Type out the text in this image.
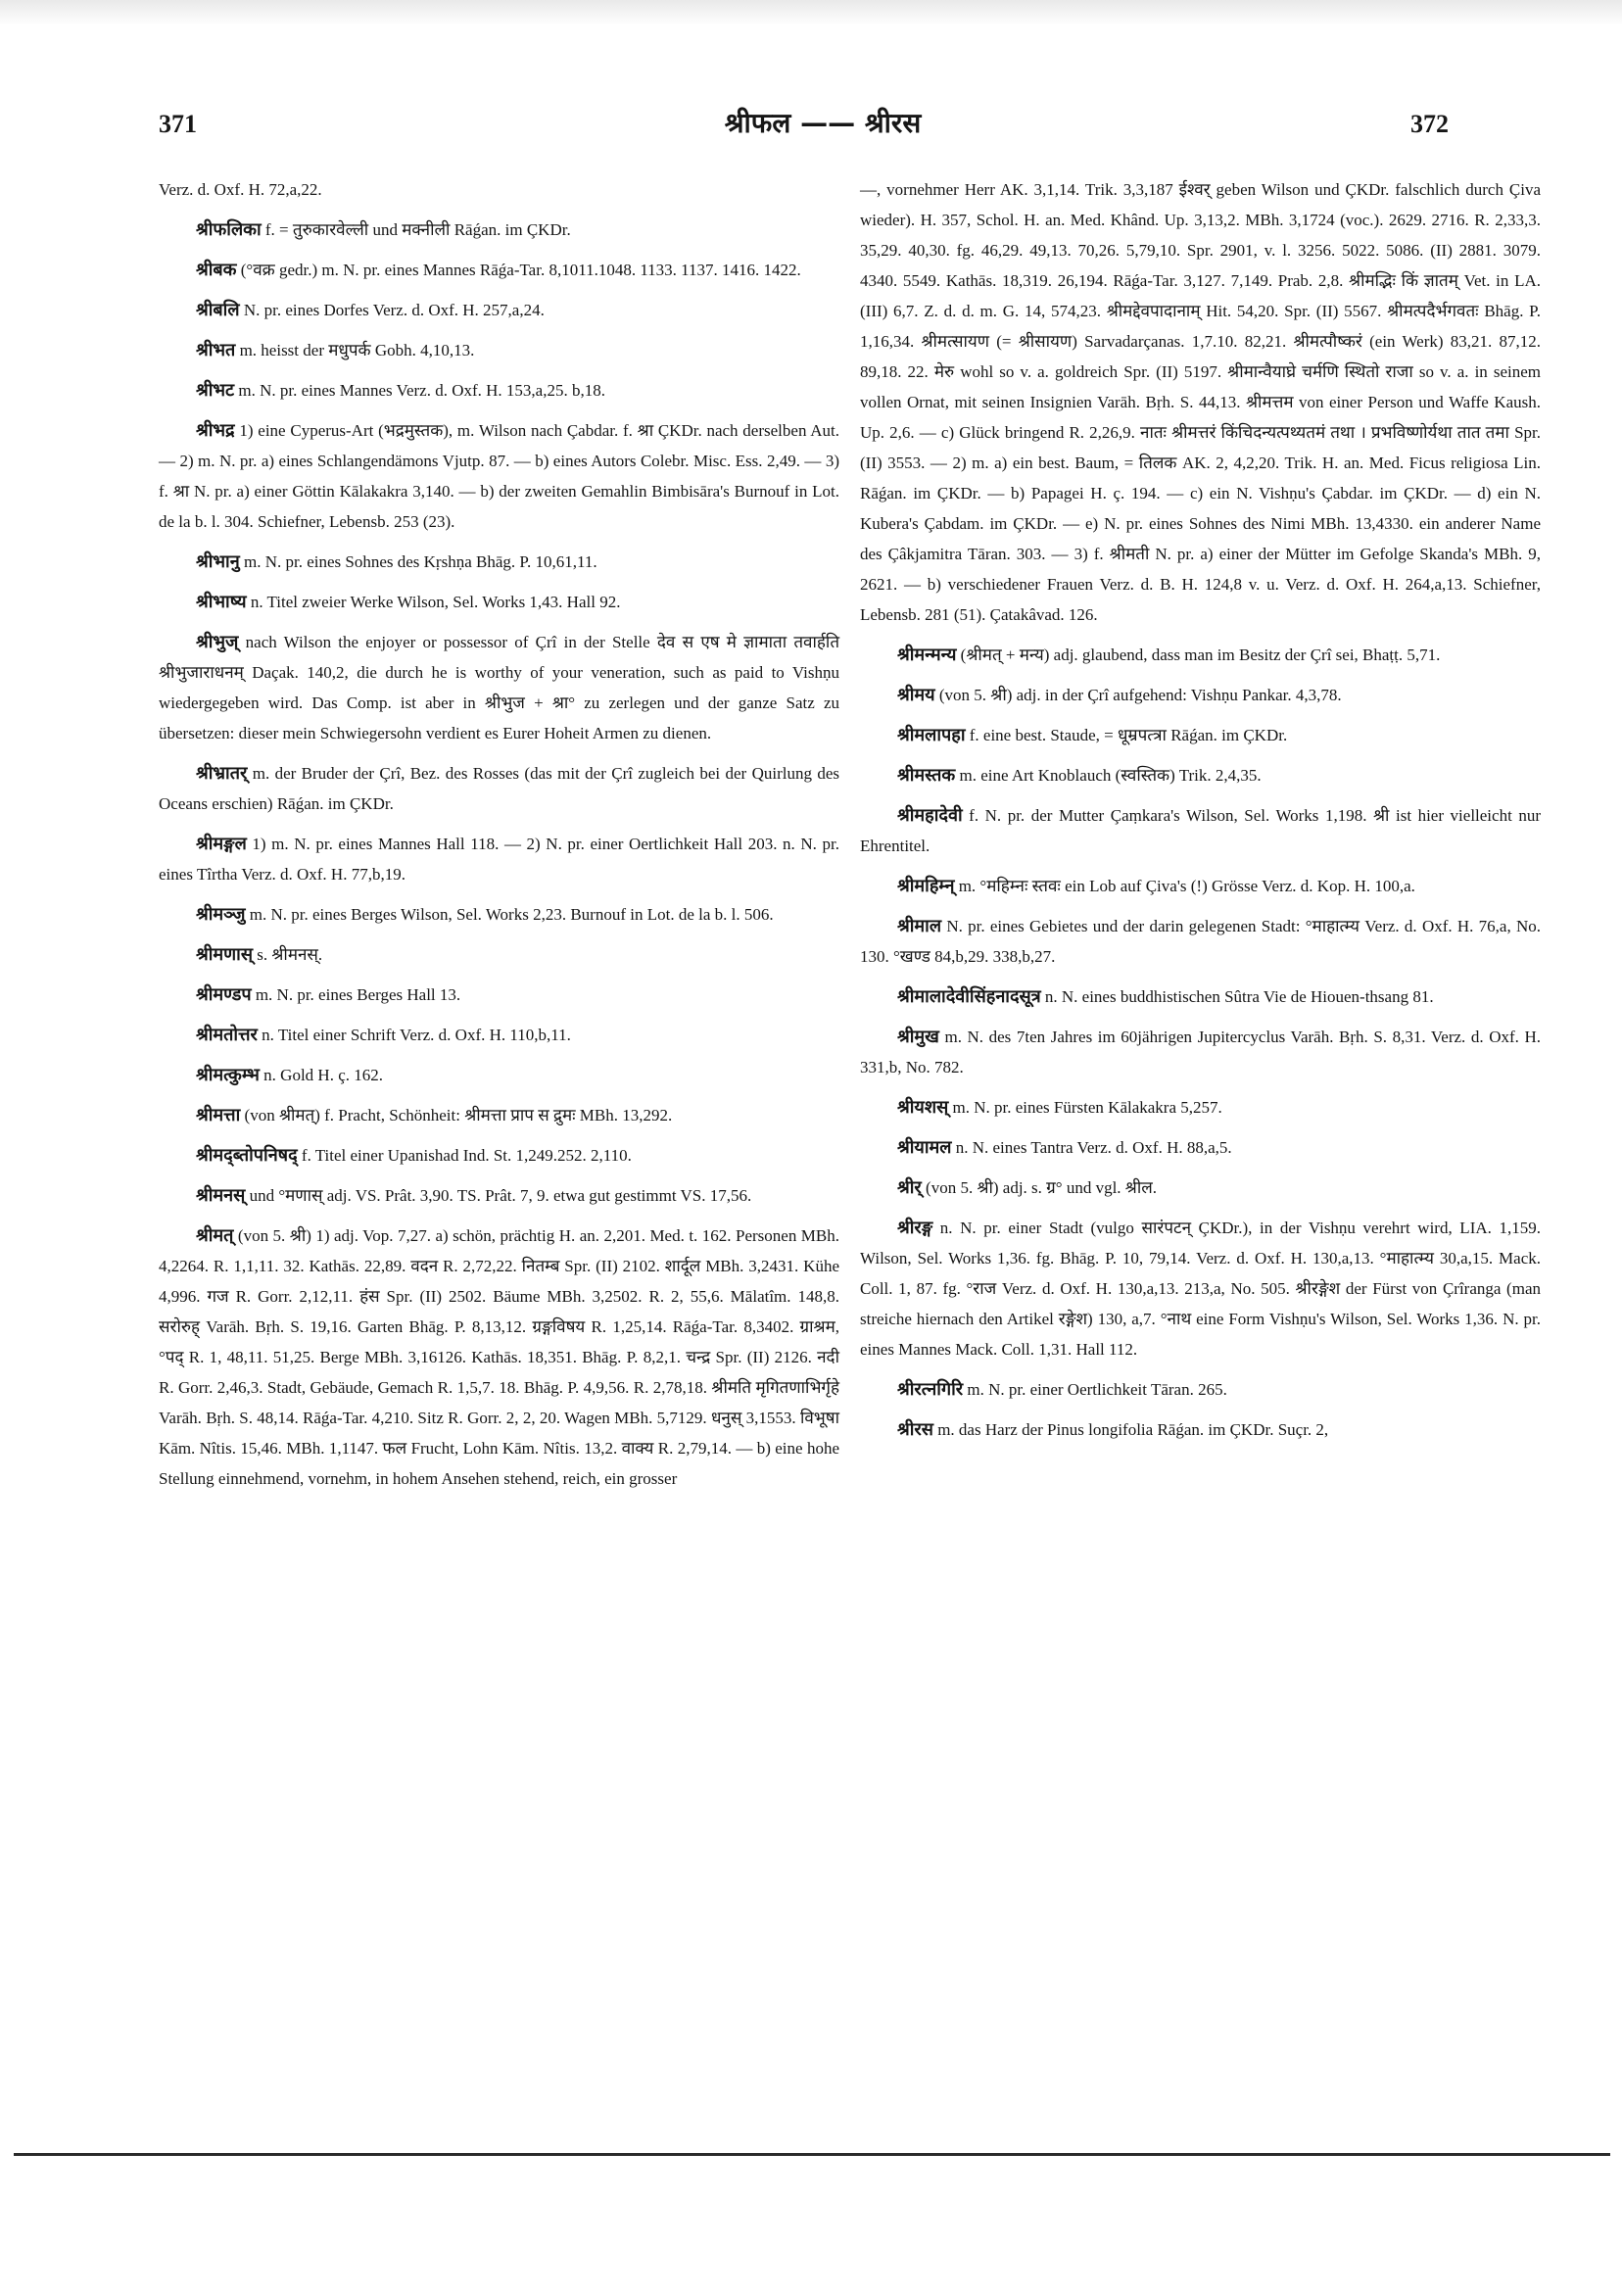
371	श्रीफल —— श्रीरस	372

Verz. d. Oxf. H. 72,a,22.

श्रीफलिका f. = तुरुकारवेल्ली und मक्नीली Rāǵan. im ÇKDr.

श्रीबक (°वक्र gedr.) m. N. pr. eines Mannes Rāǵa-Tar. 8,1011.1048. 1133. 1137. 1416. 1422.

श्रीबलि N. pr. eines Dorfes Verz. d. Oxf. H. 257,a,24.

श्रीभत m. heisst der मधुपर्क Gobh. 4,10,13.

श्रीभट m. N. pr. eines Mannes Verz. d. Oxf. H. 153,a,25. b,18.

श्रीभद्र 1) eine Cyperus-Art (भद्रमुस्तक), m. Wilson nach Çabdar. f. श्रा ÇKDr. nach derselben Aut. — 2) m. N. pr. a) eines Schlangendämons Vjutp. 87. — b) eines Autors Colebr. Misc. Ess. 2,49. — 3) f. श्रा N. pr. a) einer Göttin Kālakakra 3,140. — b) der zweiten Gemahlin Bimbisāra's Burnouf in Lot. de la b. l. 304. Schiefner, Lebensb. 253 (23).

श्रीभानु m. N. pr. eines Sohnes des Kṛshṇa Bhāg. P. 10,61,11.

श्रीभाष्य n. Titel zweier Werke Wilson, Sel. Works 1,43. Hall 92.

श्रीभुज् nach Wilson the enjoyer or possessor of Çrî in der Stelle देव स एष मे ज्ञामाता तवार्हति श्रीभुजाराधनम् Daçak. 140,2, die durch he is worthy of your veneration, such as paid to Vishṇu wiedergegeben wird. Das Comp. ist aber in श्रीभुज + श्रा° zu zerlegen und der ganze Satz zu übersetzen: dieser mein Schwiegersohn verdient es Eurer Hoheit Armen zu dienen.

श्रीभ्रातर् m. der Bruder der Çrî, Bez. des Rosses (das mit der Çrî zugleich bei der Quirlung des Oceans erschien) Rāǵan. im ÇKDr.

श्रीमङ्गल 1) m. N. pr. eines Mannes Hall 118. — 2) N. pr. einer Oertlichkeit Hall 203. n. N. pr. eines Tîrtha Verz. d. Oxf. H. 77,b,19.

श्रीमञ्जु m. N. pr. eines Berges Wilson, Sel. Works 2,23. Burnouf in Lot. de la b. l. 506.

श्रीमणास् s. श्रीमनस्.

श्रीमण्डप m. N. pr. eines Berges Hall 13.

श्रीमतोत्तर n. Titel einer Schrift Verz. d. Oxf. H. 110,b,11.

श्रीमत्कुम्भ n. Gold H. ç. 162.

श्रीमत्ता (von श्रीमत्) f. Pracht, Schönheit: श्रीमत्ता प्राप स द्रुमः MBh. 13,292.

श्रीमद्ब्तोपनिषद् f. Titel einer Upanishad Ind. St. 1,249.252. 2,110.

श्रीमनस् und °मणास् adj. VS. Prât. 3,90. TS. Prât. 7, 9. etwa gut gestimmt VS. 17,56.

श्रीमत् (von 5. श्री) 1) adj. Vop. 7,27. a) schön, prächtig H. an. 2,201. Med. t. 162. Personen MBh. 4,2264. R. 1,1,11. 32. Kathās. 22,89. वदन R. 2,72,22. नितम्ब Spr. (II) 2102. शार्दूल MBh. 3,2431. Kühe 4,996. गज R. Gorr. 2,12,11. हंस Spr. (II) 2502. Bäume MBh. 3,2502. R. 2, 55,6. Mālatîm. 148,8. सरोरुह् Varāh. Bṛh. S. 19,16. Garten Bhāg. P. 8,13,12. ग्रङ्गविषय R. 1,25,14. Rāǵa-Tar. 8,3402. ग्राश्रम, °पद् R. 1, 48,11. 51,25. Berge MBh. 3,16126. Kathās. 18,351. Bhāg. P. 8,2,1. चन्द्र Spr. (II) 2126. नदी R. Gorr. 2,46,3. Stadt, Gebäude, Gemach R. 1,5,7. 18. Bhāg. P. 4,9,56. R. 2,78,18. श्रीमति मृगितणाभिर्गृहे Varāh. Bṛh. S. 48,14. Rāǵa-Tar. 4,210. Sitz R. Gorr. 2, 2, 20. Wagen MBh. 5,7129. धनुस् 3,1553. विभूषा Kām. Nîtis. 15,46. MBh. 1,1147. फल Frucht, Lohn Kām. Nîtis. 13,2. वाक्य R. 2,79,14. — b) eine hohe Stellung einnehmend, vornehm, in hohem Ansehen stehend, reich, ein grosser

—, vornehmer Herr AK. 3,1,14. Trik. 3,3,187 ईश्वर् geben Wilson und ÇKDr. falschlich durch Çiva wieder). H. 357, Schol. H. an. Med. Khând. Up. 3,13,2. MBh. 3,1724 (voc.). 2629. 2716. R. 2,33,3. 35,29. 40,30. fg. 46,29. 49,13. 70,26. 5,79,10. Spr. 2901, v. l. 3256. 5022. 5086. (II) 2881. 3079. 4340. 5549. Kathās. 18,319. 26,194. Rāǵa-Tar. 3,127. 7,149. Prab. 2,8. श्रीमद्भिः किं ज्ञातम् Vet. in LA. (III) 6,7. Z. d. d. m. G. 14, 574,23. श्रीमद्देवपादानाम् Hit. 54,20. Spr. (II) 5567. श्रीमत्पदैर्भगवतः Bhāg. P. 1,16,34. श्रीमत्सायण (= श्रीसायण) Sarvadarçanas. 1,7.10. 82,21. श्रीमत्पौष्करं (ein Werk) 83,21. 87,12. 89,18. 22. मेरु wohl so v. a. goldreich Spr. (II) 5197. श्रीमान्वैयाघ्रे चर्मणि स्थितो राजा so v. a. in seinem vollen Ornat, mit seinen Insignien Varāh. Bṛh. S. 44,13. श्रीमत्तम von einer Person und Waffe Kaush. Up. 2,6. — c) Glück bringend R. 2,26,9. नातः श्रीमत्तरं किंचिदन्यत्पथ्यतमं तथा । प्रभविष्णोर्यथा तात तमा Spr. (II) 3553. — 2) m. a) ein best. Baum, = तिलक AK. 2, 4,2,20. Trik. H. an. Med. Ficus religiosa Lin. Rāǵan. im ÇKDr. — b) Papagei H. ç. 194. — c) ein N. Vishṇu's Çabdar. im ÇKDr. — d) ein N. Kubera's Çabdam. im ÇKDr. — e) N. pr. eines Sohnes des Nimi MBh. 13,4330. ein anderer Name des Çâkjamitra Tāran. 303. — 3) f. श्रीमती N. pr. a) einer der Mütter im Gefolge Skanda's MBh. 9, 2621. — b) verschiedener Frauen Verz. d. B. H. 124,8 v. u. Verz. d. Oxf. H. 264,a,13. Schiefner, Lebensb. 281 (51). Çatakâvad. 126.

श्रीमन्मन्य (श्रीमत् + मन्य) adj. glaubend, dass man im Besitz der Çrî sei, Bhaṭṭ. 5,71.

श्रीमय (von 5. श्री) adj. in der Çrî aufgehend: Vishṇu Pankar. 4,3,78.

श्रीमलापहा f. eine best. Staude, = धूम्रपत्त्रा Rāǵan. im ÇKDr.

श्रीमस्तक m. eine Art Knoblauch (स्वस्तिक) Trik. 2,4,35.

श्रीमहादेवी f. N. pr. der Mutter Çaṃkara's Wilson, Sel. Works 1,198. श्री ist hier vielleicht nur Ehrentitel.

श्रीमहिम्न् m. °महिम्नः स्तवः ein Lob auf Çiva's (!) Grösse Verz. d. Kop. H. 100,a.

श्रीमाल N. pr. eines Gebietes und der darin gelegenen Stadt: °माहात्म्य Verz. d. Oxf. H. 76,a, No. 130. °खण्ड 84,b,29. 338,b,27.

श्रीमालादेवीसिंहनादसूत्र n. N. eines buddhistischen Sûtra Vie de Hiouen-thsang 81.

श्रीमुख m. N. des 7ten Jahres im 60jährigen Jupitercyclus Varāh. Bṛh. S. 8,31. Verz. d. Oxf. H. 331,b, No. 782.

श्रीयशस् m. N. pr. eines Fürsten Kālakakra 5,257.

श्रीयामल n. N. eines Tantra Verz. d. Oxf. H. 88,a,5.

श्रीर् (von 5. श्री) adj. s. ग्र° und vgl. श्रील.

श्रीरङ्ग n. N. pr. einer Stadt (vulgo सारंपटन् ÇKDr.), in der Vishṇu verehrt wird, LIA. 1,159. Wilson, Sel. Works 1,36. fg. Bhāg. P. 10, 79,14. Verz. d. Oxf. H. 130,a,13. °माहात्म्य 30,a,15. Mack. Coll. 1, 87. fg. °राज Verz. d. Oxf. H. 130,a,13. 213,a, No. 505. श्रीरङ्गेश der Fürst von Çrîranga (man streiche hiernach den Artikel रङ्गेश) 130, a,7. °नाथ eine Form Vishṇu's Wilson, Sel. Works 1,36. N. pr. eines Mannes Mack. Coll. 1,31. Hall 112.

श्रीरत्नगिरि m. N. pr. einer Oertlichkeit Tāran. 265.

श्रीरस m. das Harz der Pinus longifolia Rāǵan. im ÇKDr. Suçr. 2,
